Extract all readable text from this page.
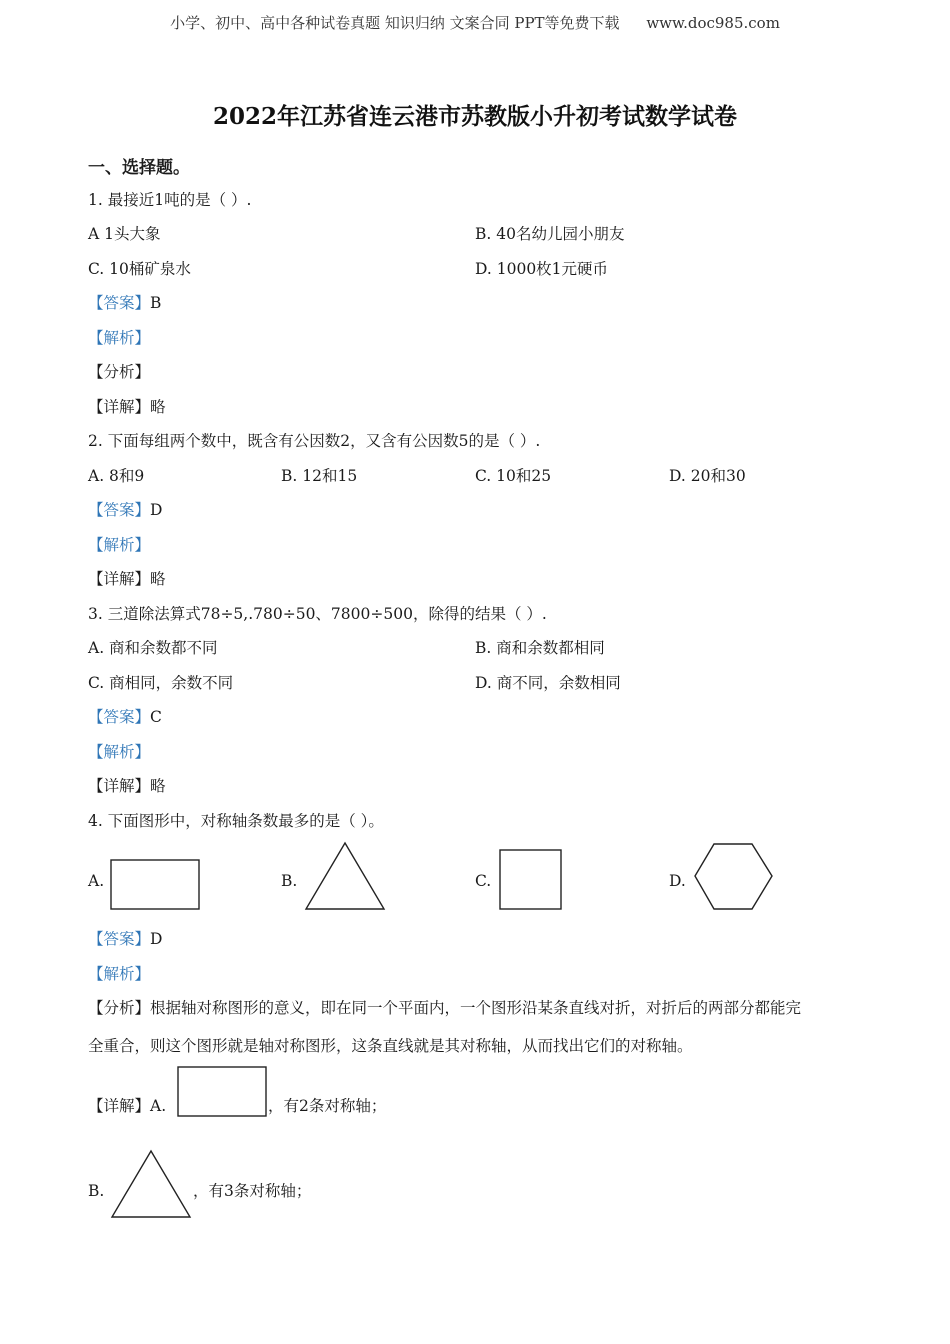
小学、初中、高中各种试卷真题 知识归纳 文案合同 PPT等免费下载 www.doc985.com
2022年江苏省连云港市苏教版小升初考试数学试卷
一、选择题。
1. 最接近1吨的是（ ）.
A 1头大象	B. 40名幼儿园小朋友
C. 10桶矿泉水	D. 1000枚1元硬币
【答案】B
【解析】
【分析】
【详解】略
2. 下面每组两个数中，既含有公因数2，又含有公因数5的是（ ）.
A. 8和9	B. 12和15	C. 10和25	D. 20和30
【答案】D
【解析】
【详解】略
3. 三道除法算式78÷5,.780÷50、7800÷500，除得的结果（ ）.
A. 商和余数都不同	B. 商和余数都相同
C. 商相同，余数不同	D. 商不同，余数相同
【答案】C
【解析】
【详解】略
4. 下面图形中，对称轴条数最多的是（ ）。
A.	B.	C.	D.
【答案】D
【解析】
【分析】根据轴对称图形的意义，即在同一个平面内，一个图形沿某条直线对折，对折后的两部分都能完
全重合，则这个图形就是轴对称图形，这条直线就是其对称轴，从而找出它们的对称轴。
【详解】A.	，有2条对称轴；
B.	，有3条对称轴；
